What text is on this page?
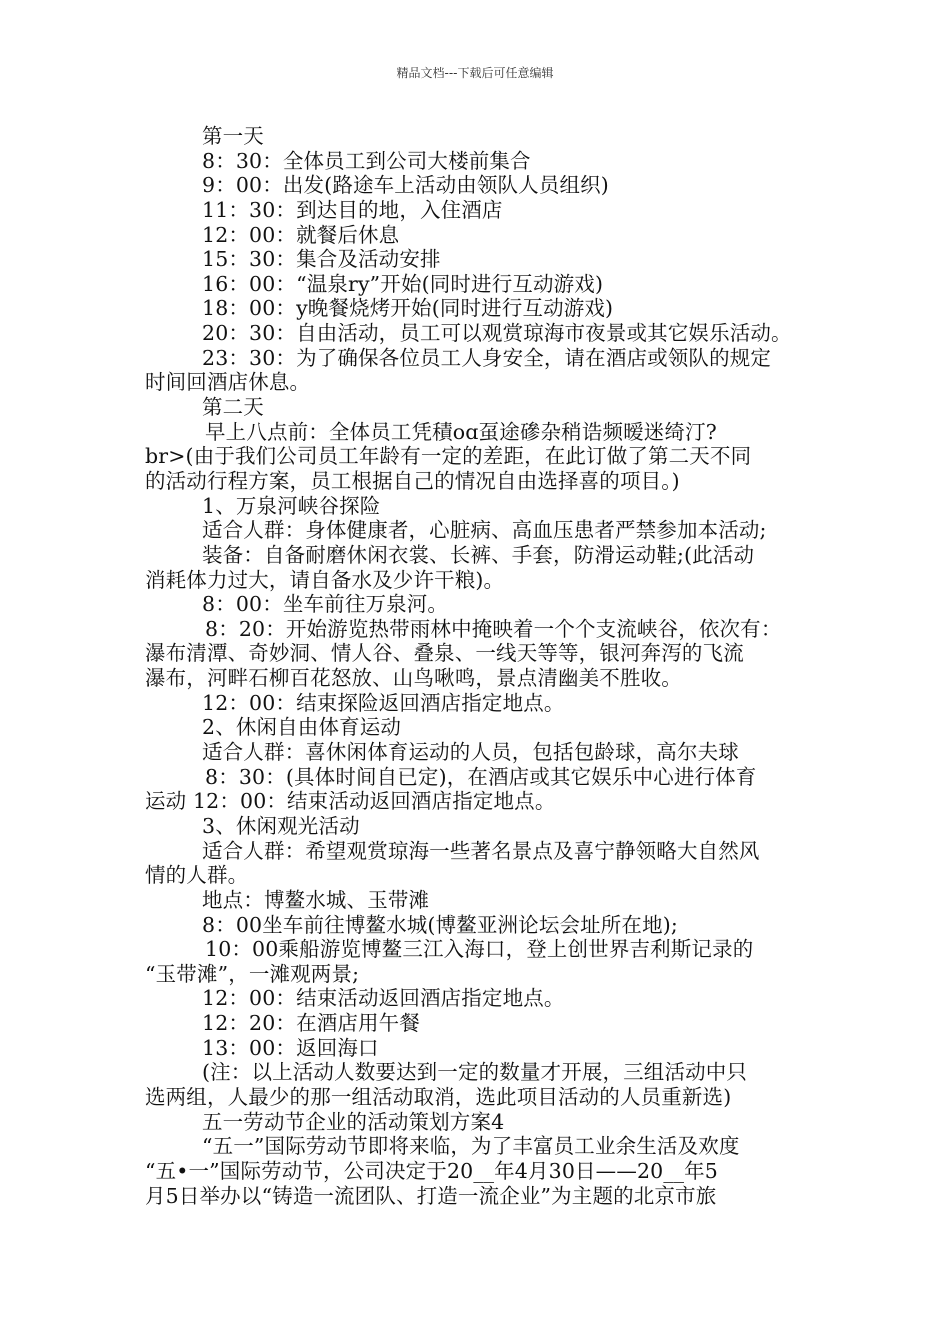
精品文档---下载后可任意编辑
第一天
8：30：全体员工到公司大楼前集合
9：00：出发(路途车上活动由领队人员组织)
11：30：到达目的地，入住酒店
12：00：就餐后休息
15：30：集合及活动安排
16：00：“温泉ry”开始(同时进行互动游戏)
18：00：y晚餐烧烤开始(同时进行互动游戏)
20：30：自由活动，员工可以观赏琼海市夜景或其它娱乐活动。
23：30：为了确保各位员工人身安全，请在酒店或领队的规定
时间回酒店休息。
第二天
早上八点前：全体员工凭積oɑ虿途磣杂稍诰频暧迷绮汀?
br>(由于我们公司员工年龄有一定的差距，在此订做了第二天不同
的活动行程方案，员工根据自己的情况自由选择喜的项目。)
1、万泉河峡谷探险
适合人群：身体健康者，心脏病、高血压患者严禁参加本活动;
装备：自备耐磨休闲衣裳、长裤、手套，防滑运动鞋;(此活动
消耗体力过大，请自备水及少许干粮)。
8：00：坐车前往万泉河。
8：20：开始游览热带雨林中掩映着一个个支流峡谷，依次有：
瀑布清潭、奇妙洞、情人谷、叠泉、一线天等等，银河奔泻的飞流
瀑布，河畔石柳百花怒放、山鸟啾鸣，景点清幽美不胜收。
12：00：结束探险返回酒店指定地点。
2、休闲自由体育运动
适合人群：喜休闲体育运动的人员，包括包龄球，高尔夫球
8：30：(具体时间自已定)，在酒店或其它娱乐中心进行体育
运动 12：00：结束活动返回酒店指定地点。
3、休闲观光活动
适合人群：希望观赏琼海一些著名景点及喜宁静领略大自然风
情的人群。
地点：博鳌水城、玉带滩
8：00坐车前往博鳌水城(博鳌亚洲论坛会址所在地);
10：00乘船游览博鳌三江入海口，登上创世界吉利斯记录的
“玉带滩”，一滩观两景;
12：00：结束活动返回酒店指定地点。
12：20：在酒店用午餐
13：00：返回海口
(注：以上活动人数要达到一定的数量才开展，三组活动中只
选两组，人最少的那一组活动取消，选此项目活动的人员重新选)
五一劳动节企业的活动策划方案4
“五一”国际劳动节即将来临，为了丰富员工业余生活及欢度
“五•一”国际劳动节，公司决定于20__年4月30日——20__年5
月5日举办以“铸造一流团队、打造一流企业”为主题的北京市旅
